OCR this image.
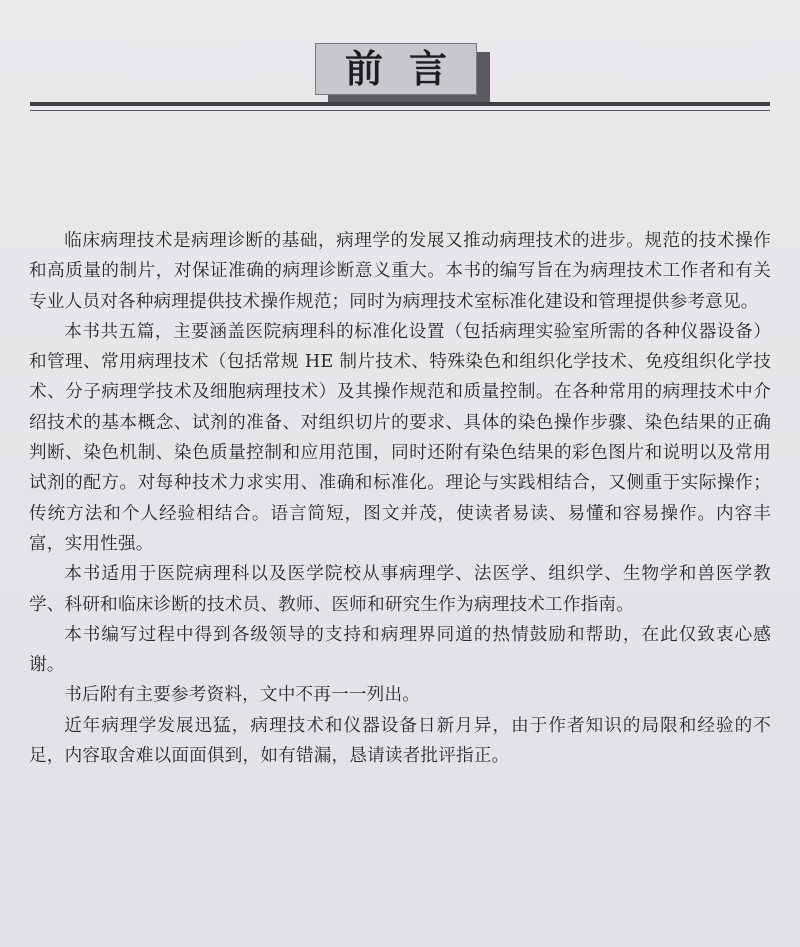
前言

临床病理技术是病理诊断的基础，病理学的发展又推动病理技术的进步。规范的技术操作和高质量的制片，对保证准确的病理诊断意义重大。本书的编写旨在为病理技术工作者和有关专业人员对各种病理提供技术操作规范；同时为病理技术室标准化建设和管理提供参考意见。

本书共五篇，主要涵盖医院病理科的标准化设置（包括病理实验室所需的各种仪器设备）和管理、常用病理技术（包括常规 HE 制片技术、特殊染色和组织化学技术、免疫组织化学技术、分子病理学技术及细胞病理技术）及其操作规范和质量控制。在各种常用的病理技术中介绍技术的基本概念、试剂的准备、对组织切片的要求、具体的染色操作步骤、染色结果的正确判断、染色机制、染色质量控制和应用范围，同时还附有染色结果的彩色图片和说明以及常用试剂的配方。对每种技术力求实用、准确和标准化。理论与实践相结合，又侧重于实际操作；传统方法和个人经验相结合。语言简短，图文并茂，使读者易读、易懂和容易操作。内容丰富，实用性强。

本书适用于医院病理科以及医学院校从事病理学、法医学、组织学、生物学和兽医学教学、科研和临床诊断的技术员、教师、医师和研究生作为病理技术工作指南。

本书编写过程中得到各级领导的支持和病理界同道的热情鼓励和帮助，在此仅致衷心感谢。

书后附有主要参考资料，文中不再一一列出。

近年病理学发展迅猛，病理技术和仪器设备日新月异，由于作者知识的局限和经验的不足，内容取舍难以面面俱到，如有错漏，恳请读者批评指正。
